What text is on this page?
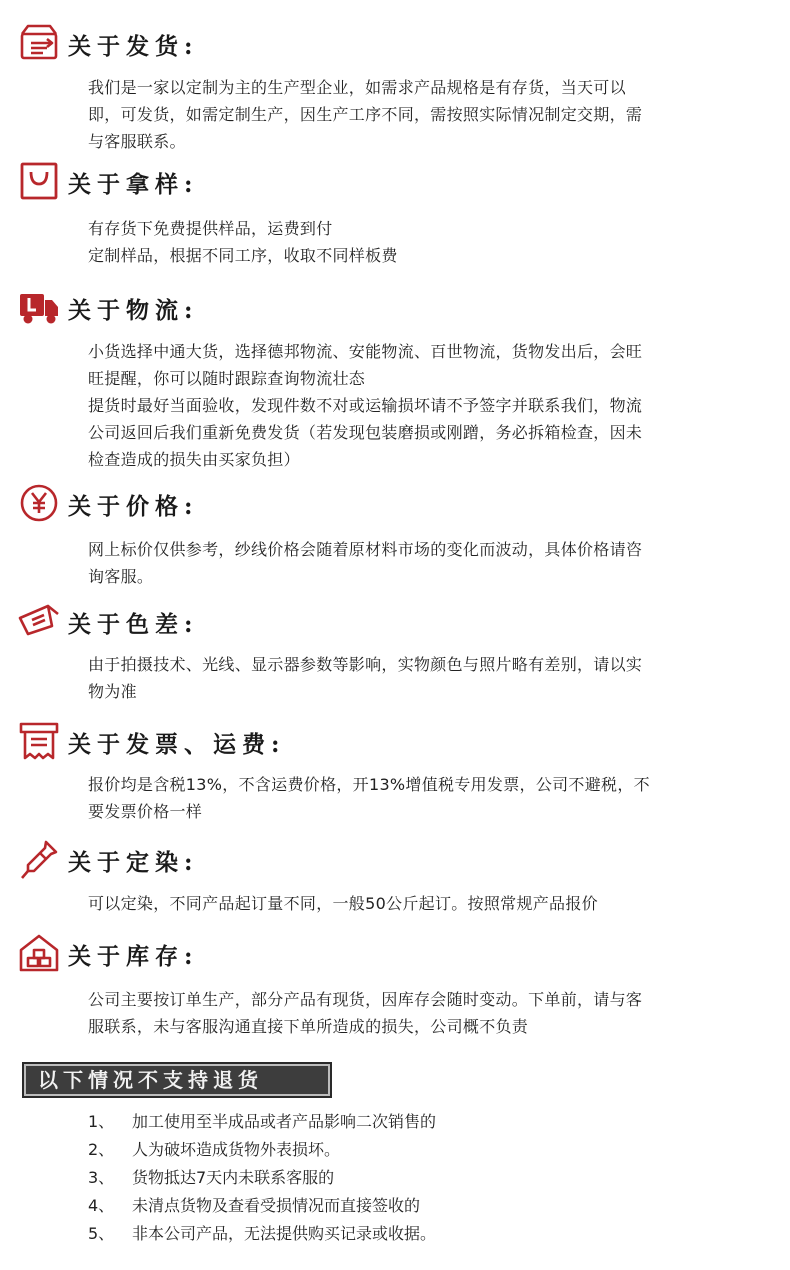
关于发货:
我们是一家以定制为主的生产型企业，如需求产品规格是有存货，当天可以
即，可发货，如需定制生产，因生产工序不同，需按照实际情况制定交期，需
与客服联系。
关于拿样:
有存货下免费提供样品，运费到付
定制样品，根据不同工序，收取不同样板费
关于物流:
小货选择中通大货，选择德邦物流、安能物流、百世物流，货物发出后，会旺
旺提醒，你可以随时跟踪查询物流壮态
提货时最好当面验收，发现件数不对或运输损坏请不予签字并联系我们，物流
公司返回后我们重新免费发货（若发现包装磨损或刚蹭，务必拆箱检查，因未
检查造成的损失由买家负担）
关于价格:
网上标价仅供参考，纱线价格会随着原材料市场的变化而波动，具体价格请咨
询客服。
关于色差:
由于拍摄技术、光线、显示器参数等影响，实物颜色与照片略有差别，请以实
物为准
关于发票、运费:
报价均是含税13%，不含运费价格，开13%增值税专用发票，公司不避税，不
要发票价格一样
关于定染:
可以定染，不同产品起订量不同，一般50公斤起订。按照常规产品报价
关于库存:
公司主要按订单生产，部分产品有现货，因库存会随时变动。下单前，请与客
服联系，未与客服沟通直接下单所造成的损失，公司概不负责
以下情况不支持退货
1、 加工使用至半成品或者产品影响二次销售的
2、 人为破坏造成货物外表损坏。
3、 货物抵达7天内未联系客服的
4、 未清点货物及查看受损情况而直接签收的
5、 非本公司产品，无法提供购买记录或收据。
